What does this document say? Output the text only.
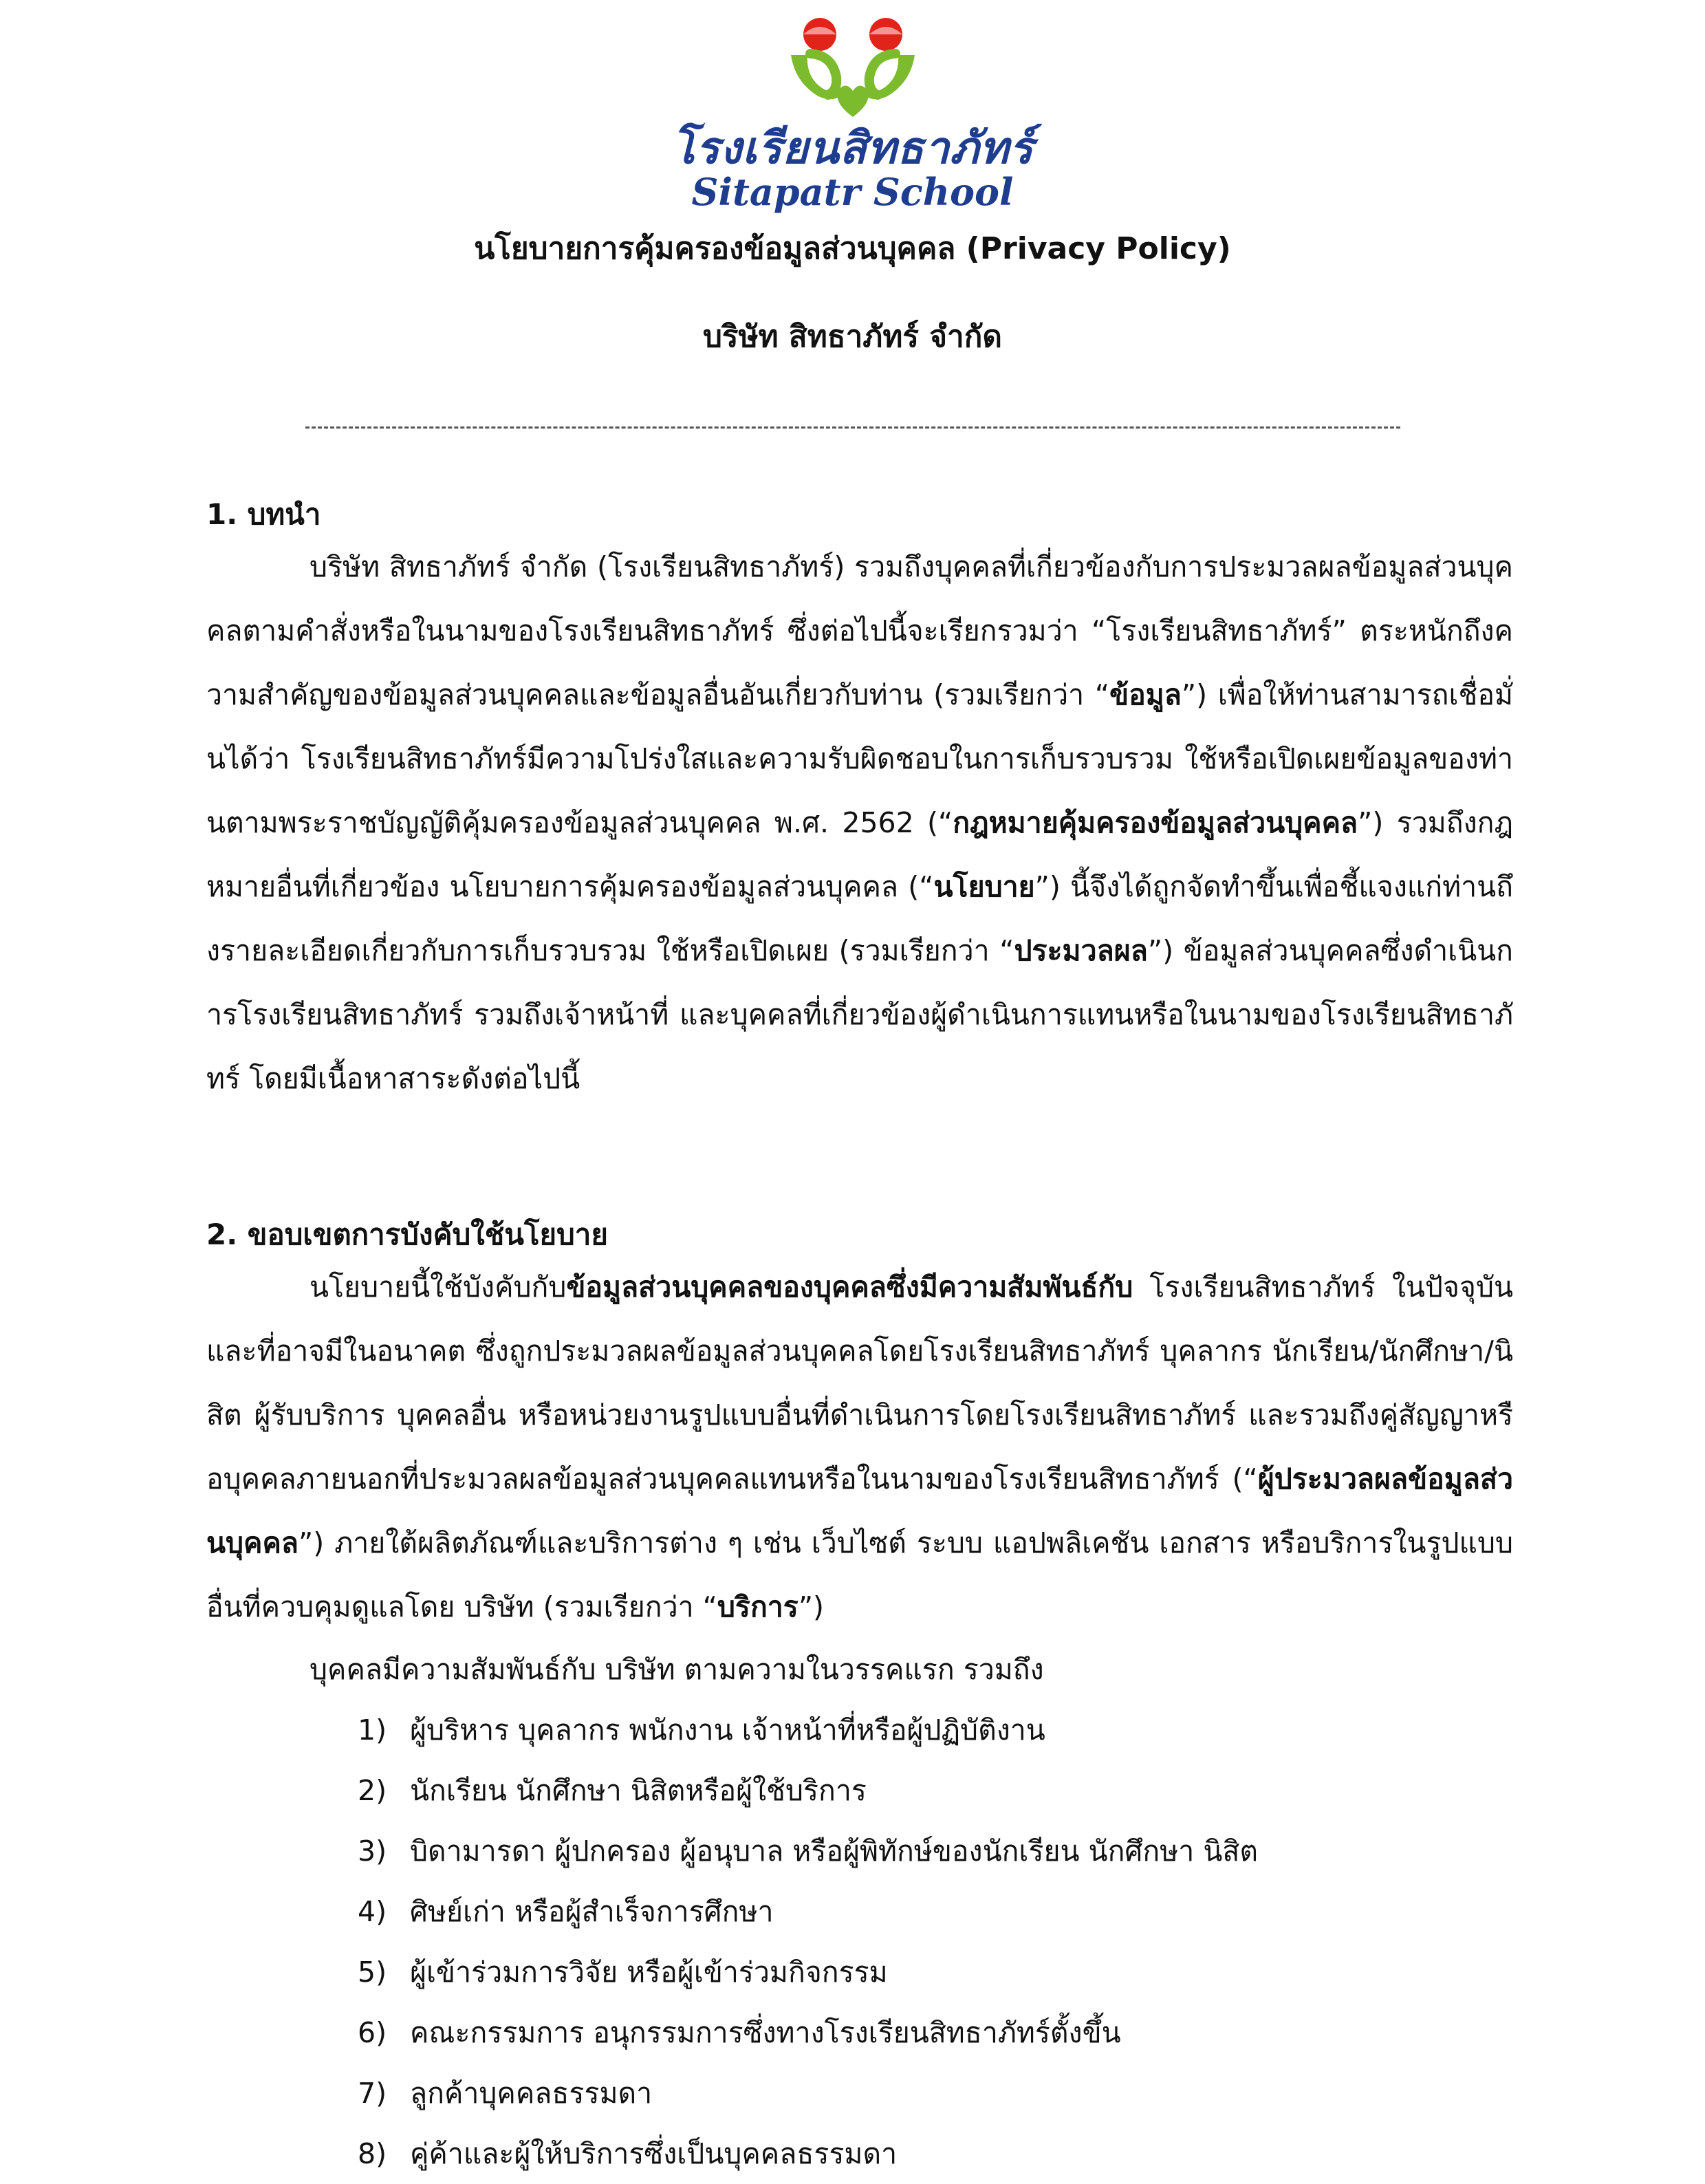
โรงเรียนสิทธาภัทร์
Sitapatr School
นโยบายการคุ้มครองข้อมูลส่วนบุคคล (Privacy Policy)
บริษัท สิทธาภัทร์ จำกัด

1. บทนำ

บริษัท สิทธาภัทร์ จำกัด (โรงเรียนสิทธาภัทร์) รวมถึงบุคคลที่เกี่ยวข้องกับการประมวลผลข้อมูลส่วนบุคคลตามคำสั่งหรือในนามของโรงเรียนสิทธาภัทร์ ซึ่งต่อไปนี้จะเรียกรวมว่า “โรงเรียนสิทธาภัทร์” ตระหนักถึงความสำคัญของข้อมูลส่วนบุคคลและข้อมูลอื่นอันเกี่ยวกับท่าน (รวมเรียกว่า “ข้อมูล”) เพื่อให้ท่านสามารถเชื่อมั่นได้ว่า โรงเรียนสิทธาภัทร์มีความโปร่งใสและความรับผิดชอบในการเก็บรวบรวม ใช้หรือเปิดเผยข้อมูลของท่านตามพระราชบัญญัติคุ้มครองข้อมูลส่วนบุคคล พ.ศ. 2562 (“กฎหมายคุ้มครองข้อมูลส่วนบุคคล”) รวมถึงกฎหมายอื่นที่เกี่ยวข้อง นโยบายการคุ้มครองข้อมูลส่วนบุคคล (“นโยบาย”) นี้จึงได้ถูกจัดทำขึ้นเพื่อชี้แจงแก่ท่านถึงรายละเอียดเกี่ยวกับการเก็บรวบรวม ใช้หรือเปิดเผย (รวมเรียกว่า “ประมวลผล”) ข้อมูลส่วนบุคคลซึ่งดำเนินการโรงเรียนสิทธาภัทร์ รวมถึงเจ้าหน้าที่ และบุคคลที่เกี่ยวข้องผู้ดำเนินการแทนหรือในนามของโรงเรียนสิทธาภัทร์ โดยมีเนื้อหาสาระดังต่อไปนี้

2. ขอบเขตการบังคับใช้นโยบาย

นโยบายนี้ใช้บังคับกับข้อมูลส่วนบุคคลของบุคคลซึ่งมีความสัมพันธ์กับ โรงเรียนสิทธาภัทร์ ในปัจจุบันและที่อาจมีในอนาคต ซึ่งถูกประมวลผลข้อมูลส่วนบุคคลโดยโรงเรียนสิทธาภัทร์ บุคลากร นักเรียน/นักศึกษา/นิสิต ผู้รับบริการ บุคคลอื่น หรือหน่วยงานรูปแบบอื่นที่ดำเนินการโดยโรงเรียนสิทธาภัทร์ และรวมถึงคู่สัญญาหรือบุคคลภายนอกที่ประมวลผลข้อมูลส่วนบุคคลแทนหรือในนามของโรงเรียนสิทธาภัทร์ (“ผู้ประมวลผลข้อมูลส่วนบุคคล”) ภายใต้ผลิตภัณฑ์และบริการต่าง ๆ เช่น เว็บไซต์ ระบบ แอปพลิเคชัน เอกสาร หรือบริการในรูปแบบอื่นที่ควบคุมดูแลโดย บริษัท (รวมเรียกว่า “บริการ”)

บุคคลมีความสัมพันธ์กับ บริษัท ตามความในวรรคแรก รวมถึง

1) ผู้บริหาร บุคลากร พนักงาน เจ้าหน้าที่หรือผู้ปฏิบัติงาน
2) นักเรียน นักศึกษา นิสิตหรือผู้ใช้บริการ
3) บิดามารดา ผู้ปกครอง ผู้อนุบาล หรือผู้พิทักษ์ของนักเรียน นักศึกษา นิสิต
4) ศิษย์เก่า หรือผู้สำเร็จการศึกษา
5) ผู้เข้าร่วมการวิจัย หรือผู้เข้าร่วมกิจกรรม
6) คณะกรรมการ อนุกรรมการซึ่งทางโรงเรียนสิทธาภัทร์ตั้งขึ้น
7) ลูกค้าบุคคลธรรมดา
8) คู่ค้าและผู้ให้บริการซึ่งเป็นบุคคลธรรมดา
